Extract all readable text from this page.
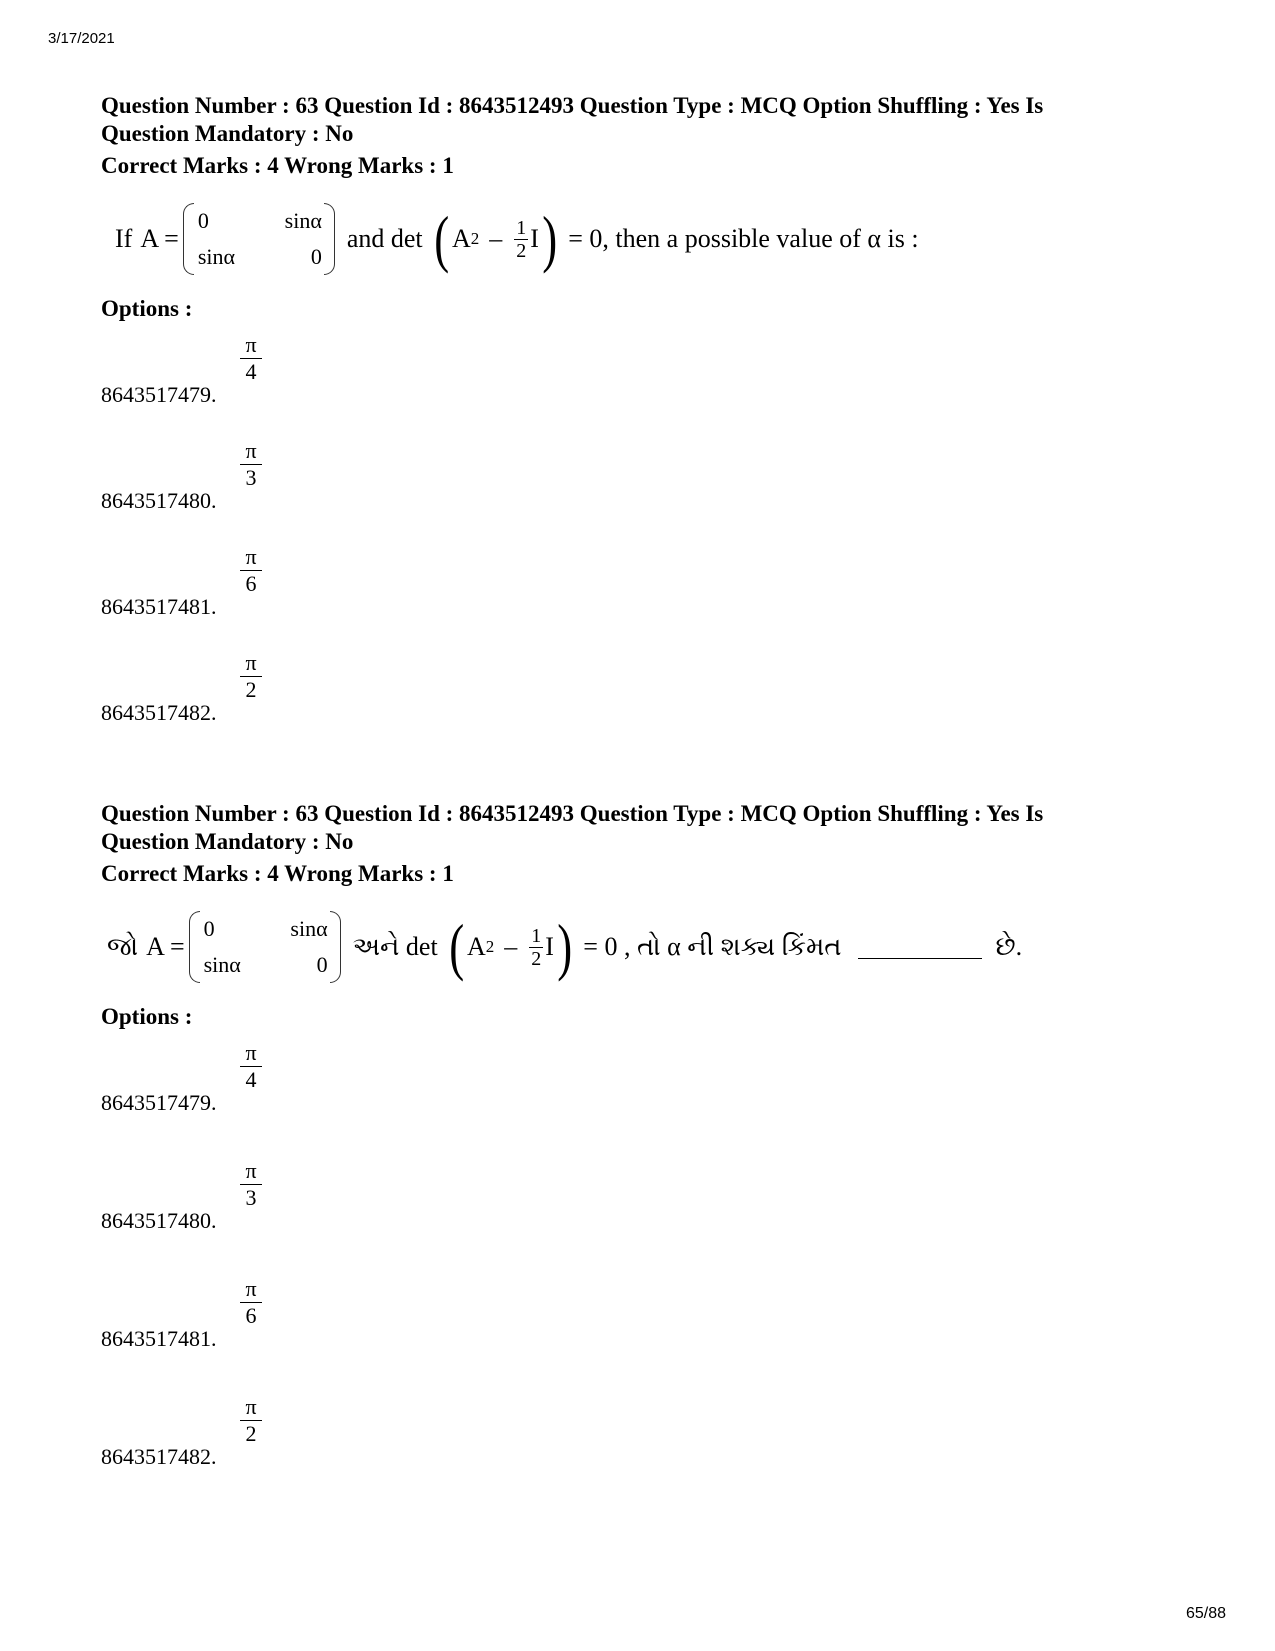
3/17/2021
Question Number : 63 Question Id : 8643512493 Question Type : MCQ Option Shuffling : Yes Is
Question Mandatory : No
Correct Marks : 4 Wrong Marks : 1
If A =
0	sinα
sinα	0
and det ( A $2 - \frac{1}{2}$ I ) = 0, then a possible value of α is :
Options :
8643517479.
$\frac{\pi}{4}$
8643517480.
$\frac{\pi}{3}$
8643517481.
$\frac{\pi}{6}$
8643517482.
$\frac{\pi}{2}$
Question Number : 63 Question Id : 8643512493 Question Type : MCQ Option Shuffling : Yes Is
Question Mandatory : No
Correct Marks : 4 Wrong Marks : 1
જો A =
0	sinα
sinα	0
અને det ( A $2 - \frac{1}{2}$ I ) = 0 , તો α ની શક્ય કિંમત	છે.
Options :
8643517479.
$\frac{\pi}{4}$
8643517480.
$\frac{\pi}{3}$
8643517481.
$\frac{\pi}{6}$
8643517482.
$\frac{\pi}{2}$
65/88
